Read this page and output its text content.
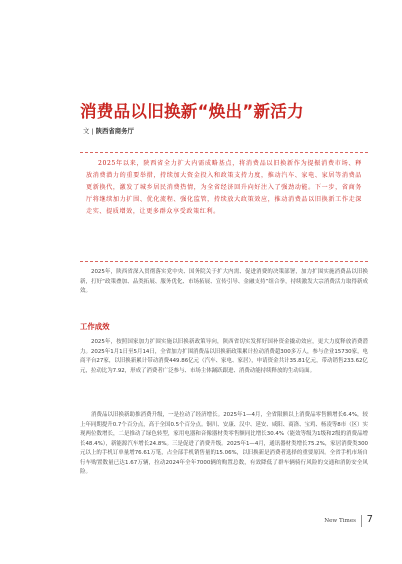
消费品以旧换新“焕出”新活力
文 | 陕西省商务厅

2025年以来，陕西省全力扩大内需成略基点，将消费品以旧换新作为提振消费市场、释放消费潜力的重要举措，持续加大资金投入和政策支持力度，推动汽车、家电、家居等消费品更新换代，激发了城乡居民消费热情，为全省经济回升向好注入了强劲动能。下一步，省商务厅将继续加力扩围、优化流程、强化监管，持续放大政策效应，推动消费品以旧换新工作走深走实、提质增效，让更多群众享受政策红利。

2025年，陕西省深入贯彻落实党中央、国务院关于扩大内需、促进消费的决策部署，加力扩围实施消费品以旧换新，打好“政策叠加、品类拓展、服务优化、市场拓展、宣传引导、金融支持”组合拳，持续激发大宗消费活力取得新成效。

工作成效

2025年，按照国家加力扩围实施以旧换新政策导向，陕西省切实发挥好国补资金撬动效应，更大力度释放消费潜力。2025年1月1日至5月14日，全省加力扩围消费品以旧换新政策累计拉动消费超300多万人，参与企业15730家，电商平台27家，以旧换新累计带动消费449.86亿元（汽车、家电、家居），申请资金共计35.81亿元，带动销售233.62亿元，拉动比为7.92，形成了消费者广泛参与、市场主体踊跃跟进、消费动能持续释放的生动局面。

消费品以旧换新助推消费升级，一是拉动了经济增长。2025年1—4月，全省限额以上消费品零售额增长6.4%，较上年同期提升0.7个百分点，高于全国0.5个百分点。铜川、安康、汉中、延安、咸阳、商洛、宝鸡、杨凌等8市（区）实现两位数增长，二是推动了绿色转型，家用电器和音像器材类零售额同比增长30.4%（能效等级为1级和2级的消费品增长48.4%），新能源汽车增长24.8%。三是促进了消费升级。2025年1—4月，通讯器材类增长75.2%，家居消费类300元以上的手机订单量增76.61万笔，占全部手机销售量的15.06%，以旧换新是消费者选择的重要原因。全省手机市场自行车购置数量已达1.67万辆，拉动2024年全年7000辆的购置总数，有效降低了群车辆骑行风险的交通和消防安全风险。

New Times 7
